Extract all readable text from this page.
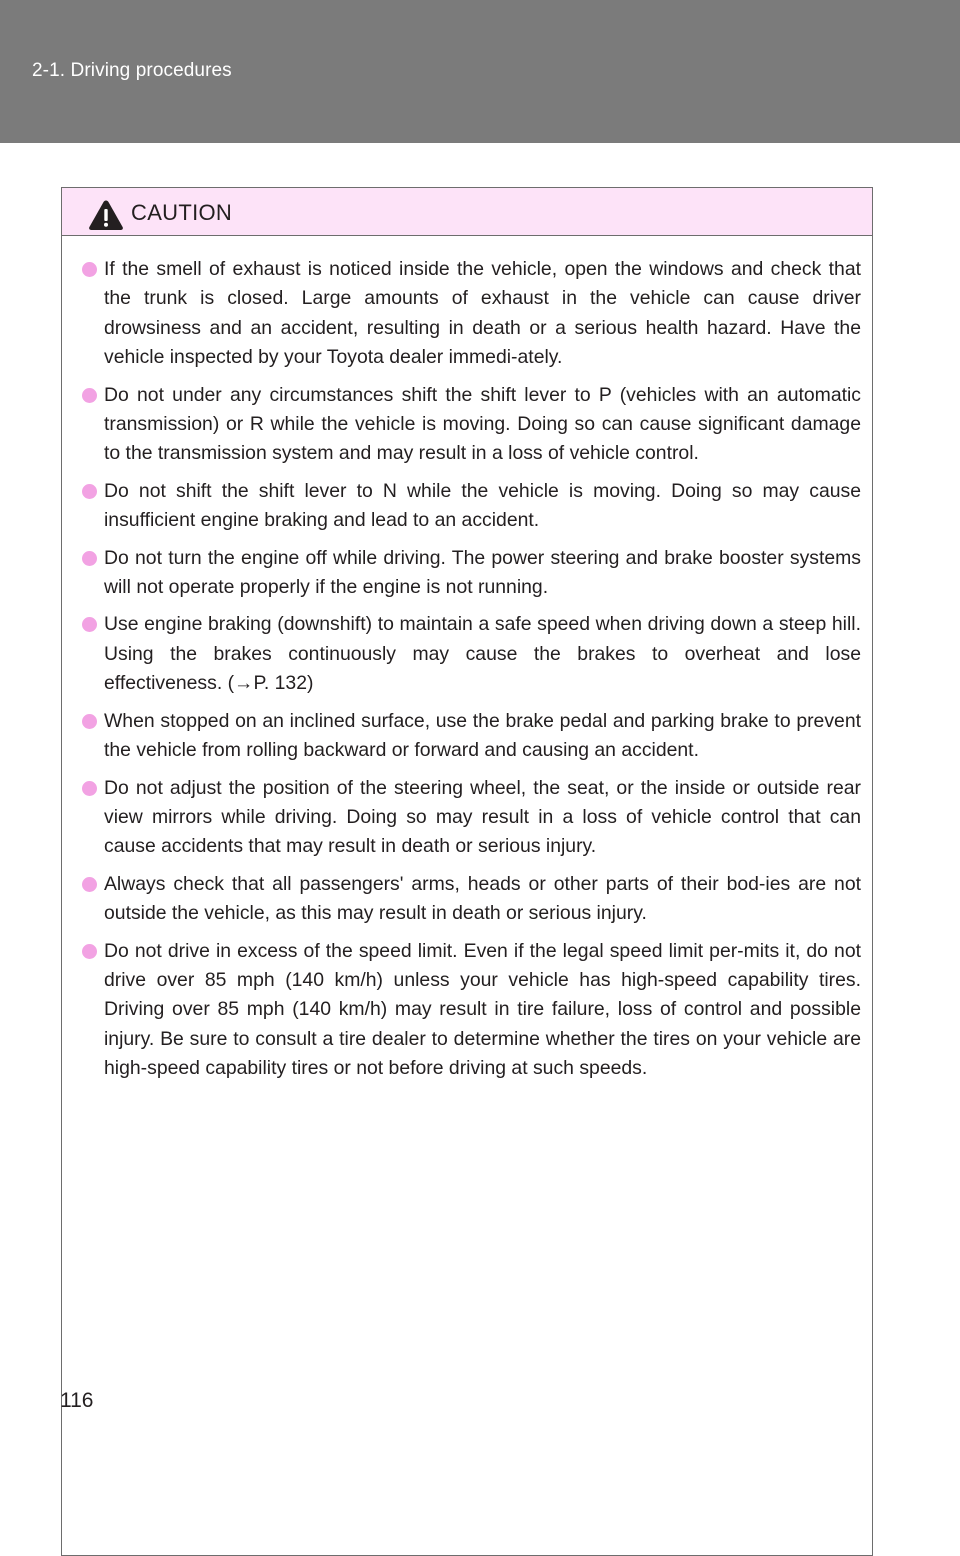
2-1. Driving procedures
CAUTION
If the smell of exhaust is noticed inside the vehicle, open the windows and check that the trunk is closed. Large amounts of exhaust in the vehicle can cause driver drowsiness and an accident, resulting in death or a serious health hazard. Have the vehicle inspected by your Toyota dealer immedi-ately.
Do not under any circumstances shift the shift lever to P (vehicles with an automatic transmission) or R while the vehicle is moving. Doing so can cause significant damage to the transmission system and may result in a loss of vehicle control.
Do not shift the shift lever to N while the vehicle is moving. Doing so may cause insufficient engine braking and lead to an accident.
Do not turn the engine off while driving. The power steering and brake booster systems will not operate properly if the engine is not running.
Use engine braking (downshift) to maintain a safe speed when driving down a steep hill. Using the brakes continuously may cause the brakes to overheat and lose effectiveness. (→P. 132)
When stopped on an inclined surface, use the brake pedal and parking brake to prevent the vehicle from rolling backward or forward and causing an accident.
Do not adjust the position of the steering wheel, the seat, or the inside or outside rear view mirrors while driving. Doing so may result in a loss of vehicle control that can cause accidents that may result in death or serious injury.
Always check that all passengers' arms, heads or other parts of their bod-ies are not outside the vehicle, as this may result in death or serious injury.
Do not drive in excess of the speed limit. Even if the legal speed limit per-mits it, do not drive over 85 mph (140 km/h) unless your vehicle has high-speed capability tires. Driving over 85 mph (140 km/h) may result in tire failure, loss of control and possible injury. Be sure to consult a tire dealer to determine whether the tires on your vehicle are high-speed capability tires or not before driving at such speeds.
116
